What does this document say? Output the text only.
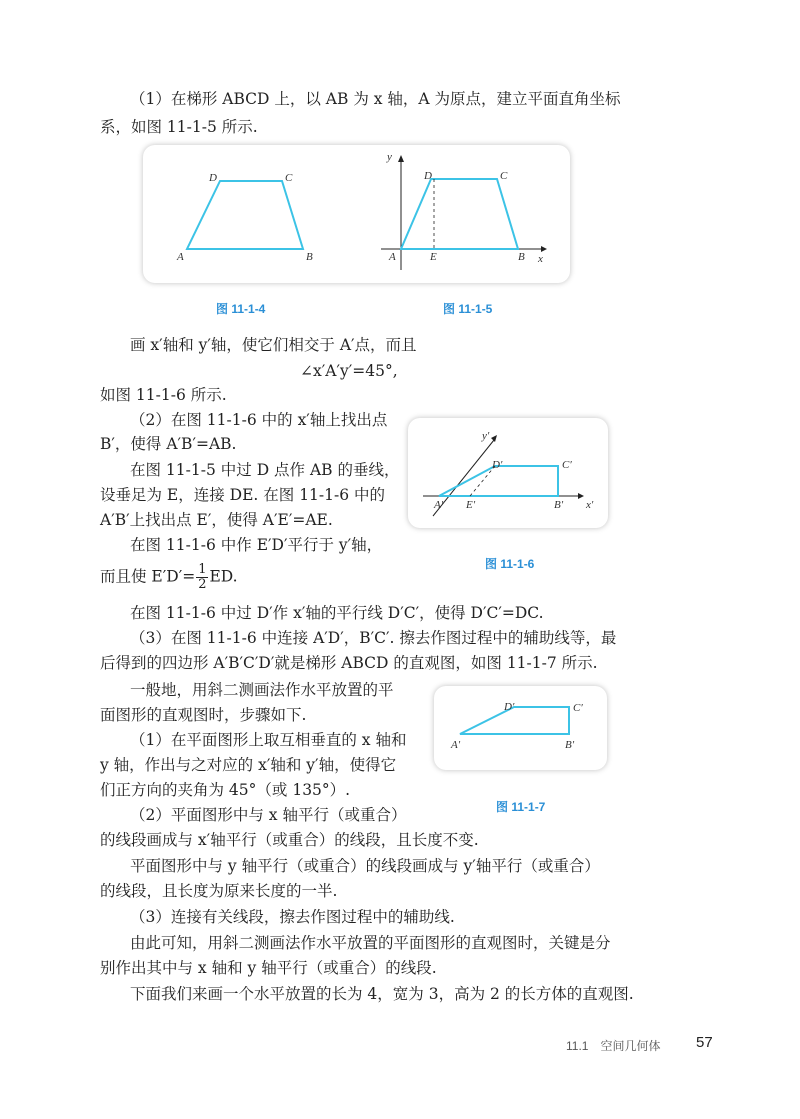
（1）在梯形 ABCD 上，以 AB 为 x 轴，A 为原点，建立平面直角坐标
系，如图 11-1-5 所示.
A	B
C
D
y
x
A	E	B
C
D
图 11-1-4	图 11-1-5
画 x′轴和 y′轴，使它们相交于 A′点，而且
∠x′A′y′=45°,
如图 11-1-6 所示.
（2）在图 11-1-6 中的 x′轴上找出点
B′，使得 A′B′=AB.
在图 11-1-5 中过 D 点作 AB 的垂线，
设垂足为 E，连接 DE. 在图 11-1-6 中的
A′B′上找出点 E′，使得 A′E′=AE.
在图 11-1-6 中作 E′D′平行于 y′轴，
而且使 $E'D'= \frac{1}{2}$ ED.
y′
x′
A′ E′	B′
C′
D′
图 11-1-6
在图 11-1-6 中过 D′作 x′轴的平行线 D′C′，使得 D′C′=DC.
（3）在图 11-1-6 中连接 A′D′，B′C′. 擦去作图过程中的辅助线等，最
后得到的四边形 A′B′C′D′就是梯形 ABCD 的直观图，如图 11-1-7 所示.
一般地，用斜二测画法作水平放置的平
面图形的直观图时，步骤如下.
（1）在平面图形上取互相垂直的 x 轴和
y 轴，作出与之对应的 x′轴和 y′轴，使得它
们正方向的夹角为 45°（或 135°）.
（2）平面图形中与 x 轴平行（或重合）
A′	B′
C′
D′
图 11-1-7
的线段画成与 x′轴平行（或重合）的线段，且长度不变.
平面图形中与 y 轴平行（或重合）的线段画成与 y′轴平行（或重合）
的线段，且长度为原来长度的一半.
（3）连接有关线段，擦去作图过程中的辅助线.
由此可知，用斜二测画法作水平放置的平面图形的直观图时，关键是分
别作出其中与 x 轴和 y 轴平行（或重合）的线段.
下面我们来画一个水平放置的长为 4，宽为 3，高为 2 的长方体的直观图.
11.1　空间几何体 57
